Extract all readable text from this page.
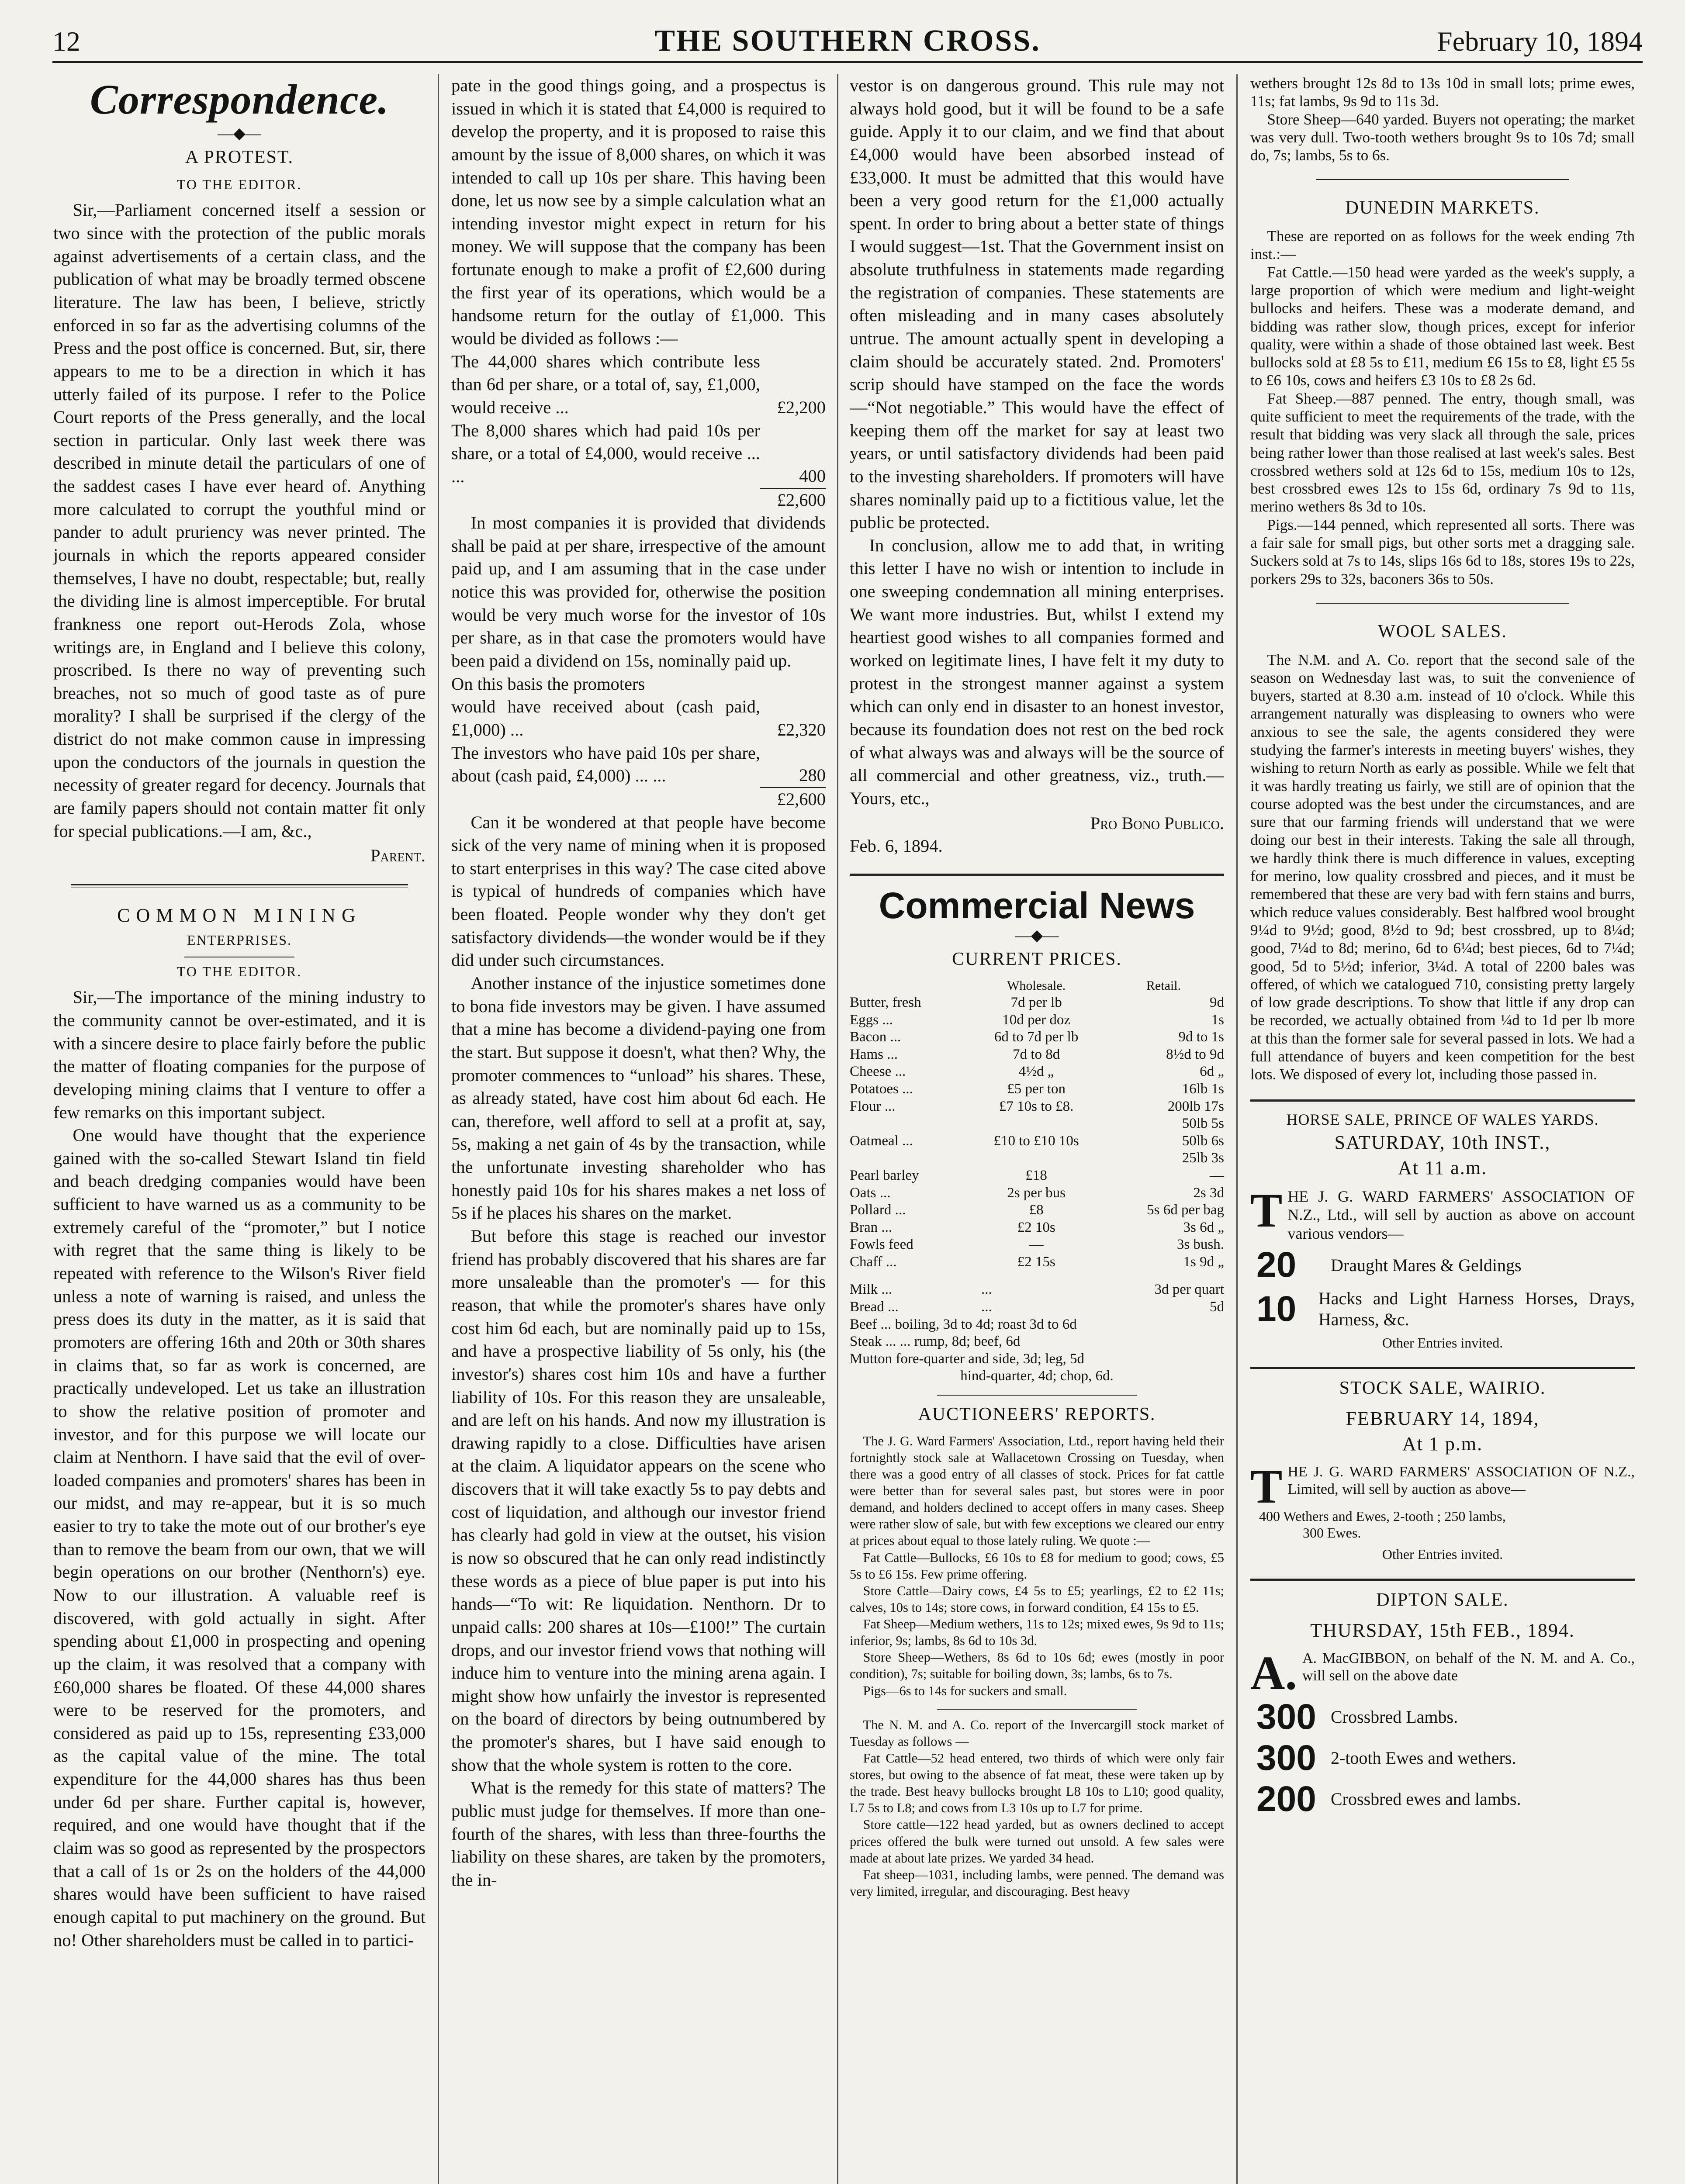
12	THE SOUTHERN CROSS.	February 10, 1894
Correspondence.
—◆—
A PROTEST.
TO THE EDITOR.

Sir,—Parliament concerned itself a session or two since with the protection of the public morals against advertisements of a certain class, and the publication of what may be broadly termed obscene literature. The law has been, I believe, strictly enforced in so far as the advertising columns of the Press and the post office is concerned. But, sir, there appears to me to be a direction in which it has utterly failed of its purpose. I refer to the Police Court reports of the Press generally, and the local section in particular. Only last week there was described in minute detail the particulars of one of the saddest cases I have ever heard of. Anything more calculated to corrupt the youthful mind or pander to adult pruriency was never printed. The journals in which the reports appeared consider themselves, I have no doubt, respectable; but, really the dividing line is almost imperceptible. For brutal frankness one report out-Herods Zola, whose writings are, in England and I believe this colony, proscribed. Is there no way of preventing such breaches, not so much of good taste as of pure morality? I shall be surprised if the clergy of the district do not make common cause in impressing upon the conductors of the journals in question the necessity of greater regard for decency. Journals that are family papers should not contain matter fit only for special publications.—I am, &c.,

Parent.

COMMON MINING
ENTERPRISES.
TO THE EDITOR.

Sir,—The importance of the mining industry to the community cannot be over-estimated, and it is with a sincere desire to place fairly before the public the matter of floating companies for the purpose of developing mining claims that I venture to offer a few remarks on this important subject.

One would have thought that the experience gained with the so-called Stewart Island tin field and beach dredging companies would have been sufficient to have warned us as a community to be extremely careful of the “promoter,” but I notice with regret that the same thing is likely to be repeated with reference to the Wilson's River field unless a note of warning is raised, and unless the press does its duty in the matter, as it is said that promoters are offering 16th and 20th or 30th shares in claims that, so far as work is concerned, are practically undeveloped. Let us take an illustration to show the relative position of promoter and investor, and for this purpose we will locate our claim at Nenthorn. I have said that the evil of over-loaded companies and promoters' shares has been in our midst, and may re-appear, but it is so much easier to try to take the mote out of our brother's eye than to remove the beam from our own, that we will begin operations on our brother (Nenthorn's) eye. Now to our illustration. A valuable reef is discovered, with gold actually in sight. After spending about £1,000 in prospecting and opening up the claim, it was resolved that a company with £60,000 shares be floated. Of these 44,000 shares were to be reserved for the promoters, and considered as paid up to 15s, representing £33,000 as the capital value of the mine. The total expenditure for the 44,000 shares has thus been under 6d per share. Further capital is, however, required, and one would have thought that if the claim was so good as represented by the prospectors that a call of 1s or 2s on the holders of the 44,000 shares would have been sufficient to have raised enough capital to put machinery on the ground. But no! Other shareholders must be called in to partici-

pate in the good things going, and a prospectus is issued in which it is stated that £4,000 is required to develop the property, and it is proposed to raise this amount by the issue of 8,000 shares, on which it was intended to call up 10s per share. This having been done, let us now see by a simple calculation what an intending investor might expect in return for his money. We will suppose that the company has been fortunate enough to make a profit of £2,600 during the first year of its operations, which would be a handsome return for the outlay of £1,000. This would be divided as follows :—

The 44,000 shares which contribute less than 6d per share, or a total of, say, £1,000, would receive ...	£2,200
The 8,000 shares which had paid 10s per share, or a total of £4,000, would receive ... ...	400
	£2,600

In most companies it is provided that dividends shall be paid at per share, irrespective of the amount paid up, and I am assuming that in the case under notice this was provided for, otherwise the position would be very much worse for the investor of 10s per share, as in that case the promoters would have been paid a dividend on 15s, nominally paid up.

On this basis the promoters

would have received about (cash paid, £1,000) ...	£2,320
The investors who have paid 10s per share, about (cash paid, £4,000) ... ...	280
	£2,600

Can it be wondered at that people have become sick of the very name of mining when it is proposed to start enterprises in this way? The case cited above is typical of hundreds of companies which have been floated. People wonder why they don't get satisfactory dividends—the wonder would be if they did under such circumstances.

Another instance of the injustice sometimes done to bona fide investors may be given. I have assumed that a mine has become a dividend-paying one from the start. But suppose it doesn't, what then? Why, the promoter commences to “unload” his shares. These, as already stated, have cost him about 6d each. He can, therefore, well afford to sell at a profit at, say, 5s, making a net gain of 4s by the transaction, while the unfortunate investing shareholder who has honestly paid 10s for his shares makes a net loss of 5s if he places his shares on the market.

But before this stage is reached our investor friend has probably discovered that his shares are far more unsaleable than the promoter's — for this reason, that while the promoter's shares have only cost him 6d each, but are nominally paid up to 15s, and have a prospective liability of 5s only, his (the investor's) shares cost him 10s and have a further liability of 10s. For this reason they are unsaleable, and are left on his hands. And now my illustration is drawing rapidly to a close. Difficulties have arisen at the claim. A liquidator appears on the scene who discovers that it will take exactly 5s to pay debts and cost of liquidation, and although our investor friend has clearly had gold in view at the outset, his vision is now so obscured that he can only read indistinctly these words as a piece of blue paper is put into his hands—“To wit: Re liquidation. Nenthorn. Dr to unpaid calls: 200 shares at 10s—£100!” The curtain drops, and our investor friend vows that nothing will induce him to venture into the mining arena again. I might show how unfairly the investor is represented on the board of directors by being outnumbered by the promoter's shares, but I have said enough to show that the whole system is rotten to the core.

What is the remedy for this state of matters? The public must judge for themselves. If more than one-fourth of the shares, with less than three-fourths the liability on these shares, are taken by the promoters, the in-

vestor is on dangerous ground. This rule may not always hold good, but it will be found to be a safe guide. Apply it to our claim, and we find that about £4,000 would have been absorbed instead of £33,000. It must be admitted that this would have been a very good return for the £1,000 actually spent. In order to bring about a better state of things I would suggest—1st. That the Government insist on absolute truthfulness in statements made regarding the registration of companies. These statements are often misleading and in many cases absolutely untrue. The amount actually spent in developing a claim should be accurately stated. 2nd. Promoters' scrip should have stamped on the face the words—“Not negotiable.” This would have the effect of keeping them off the market for say at least two years, or until satisfactory dividends had been paid to the investing shareholders. If promoters will have shares nominally paid up to a fictitious value, let the public be protected.

In conclusion, allow me to add that, in writing this letter I have no wish or intention to include in one sweeping condemnation all mining enterprises. We want more industries. But, whilst I extend my heartiest good wishes to all companies formed and worked on legitimate lines, I have felt it my duty to protest in the strongest manner against a system which can only end in disaster to an honest investor, because its foundation does not rest on the bed rock of what always was and always will be the source of all commercial and other greatness, viz., truth.—Yours, etc.,

Pro Bono Publico.

Feb. 6, 1894.

Commercial News
—◆—
CURRENT PRICES.
	Wholesale.	Retail.
Butter, fresh	7d per lb	9d
Eggs ...	10d per doz	1s
Bacon ...	6d to 7d per lb	9d to 1s
Hams ...	7d to 8d	8½d to 9d
Cheese ...	4½d „	6d „
Potatoes ...	£5 per ton	16lb 1s
Flour ...	£7 10s to £8.	200lb 17s
		50lb 5s
Oatmeal ...	£10 to £10 10s	50lb 6s
		25lb 3s
Pearl barley	£18	—
Oats ...	2s per bus	2s 3d
Pollard ...	£8	5s 6d per bag
Bran ...	£2 10s	3s 6d „
Fowls feed	—	3s bush.
Chaff ...	£2 15s	1s 9d „
Milk ...	...	3d per quart
Bread ...	...	5d
Beef ... boiling, 3d to 4d; roast 3d to 6d
Steak ... ... rump, 8d; beef, 6d
Mutton fore-quarter and side, 3d; leg, 5d
hind-quarter, 4d; chop, 6d.
AUCTIONEERS' REPORTS.

The J. G. Ward Farmers' Association, Ltd., report having held their fortnightly stock sale at Wallacetown Crossing on Tuesday, when there was a good entry of all classes of stock. Prices for fat cattle were better than for several sales past, but stores were in poor demand, and holders declined to accept offers in many cases. Sheep were rather slow of sale, but with few exceptions we cleared our entry at prices about equal to those lately ruling. We quote :—

Fat Cattle—Bullocks, £6 10s to £8 for medium to good; cows, £5 5s to £6 15s. Few prime offering.

Store Cattle—Dairy cows, £4 5s to £5; yearlings, £2 to £2 11s; calves, 10s to 14s; store cows, in forward condition, £4 15s to £5.

Fat Sheep—Medium wethers, 11s to 12s; mixed ewes, 9s 9d to 11s; inferior, 9s; lambs, 8s 6d to 10s 3d.

Store Sheep—Wethers, 8s 6d to 10s 6d; ewes (mostly in poor condition), 7s; suitable for boiling down, 3s; lambs, 6s to 7s.

Pigs—6s to 14s for suckers and small.

The N. M. and A. Co. report of the Invercargill stock market of Tuesday as follows —

Fat Cattle—52 head entered, two thirds of which were only fair stores, but owing to the absence of fat meat, these were taken up by the trade. Best heavy bullocks brought L8 10s to L10; good quality, L7 5s to L8; and cows from L3 10s up to L7 for prime.

Store cattle—122 head yarded, but as owners declined to accept prices offered the bulk were turned out unsold. A few sales were made at about late prizes. We yarded 34 head.

Fat sheep—1031, including lambs, were penned. The demand was very limited, irregular, and discouraging. Best heavy

wethers brought 12s 8d to 13s 10d in small lots; prime ewes, 11s; fat lambs, 9s 9d to 11s 3d.

Store Sheep—640 yarded. Buyers not operating; the market was very dull. Two-tooth wethers brought 9s to 10s 7d; small do, 7s; lambs, 5s to 6s.

DUNEDIN MARKETS.

These are reported on as follows for the week ending 7th inst.:—

Fat Cattle.—150 head were yarded as the week's supply, a large proportion of which were medium and light-weight bullocks and heifers. These was a moderate demand, and bidding was rather slow, though prices, except for inferior quality, were within a shade of those obtained last week. Best bullocks sold at £8 5s to £11, medium £6 15s to £8, light £5 5s to £6 10s, cows and heifers £3 10s to £8 2s 6d.

Fat Sheep.—887 penned. The entry, though small, was quite sufficient to meet the requirements of the trade, with the result that bidding was very slack all through the sale, prices being rather lower than those realised at last week's sales. Best crossbred wethers sold at 12s 6d to 15s, medium 10s to 12s, best crossbred ewes 12s to 15s 6d, ordinary 7s 9d to 11s, merino wethers 8s 3d to 10s.

Pigs.—144 penned, which represented all sorts. There was a fair sale for small pigs, but other sorts met a dragging sale. Suckers sold at 7s to 14s, slips 16s 6d to 18s, stores 19s to 22s, porkers 29s to 32s, baconers 36s to 50s.

WOOL SALES.

The N.M. and A. Co. report that the second sale of the season on Wednesday last was, to suit the convenience of buyers, started at 8.30 a.m. instead of 10 o'clock. While this arrangement naturally was displeasing to owners who were anxious to see the sale, the agents considered they were studying the farmer's interests in meeting buyers' wishes, they wishing to return North as early as possible. While we felt that it was hardly treating us fairly, we still are of opinion that the course adopted was the best under the circumstances, and are sure that our farming friends will understand that we were doing our best in their interests. Taking the sale all through, we hardly think there is much difference in values, excepting for merino, low quality crossbred and pieces, and it must be remembered that these are very bad with fern stains and burrs, which reduce values considerably. Best halfbred wool brought 9¼d to 9½d; good, 8½d to 9d; best crossbred, up to 8¼d; good, 7¼d to 8d; merino, 6d to 6¼d; best pieces, 6d to 7¼d; good, 5d to 5½d; inferior, 3¼d. A total of 2200 bales was offered, of which we catalogued 710, consisting pretty largely of low grade descriptions. To show that little if any drop can be recorded, we actually obtained from ¼d to 1d per lb more at this than the former sale for several passed in lots. We had a full attendance of buyers and keen competition for the best lots. We disposed of every lot, including those passed in.

HORSE SALE, PRINCE OF WALES YARDS.
SATURDAY, 10th INST.,
At 11 a.m.
T HE J. G. WARD FARMERS' ASSOCIATION OF N.Z., Ltd., will sell by auction as above on account various vendors—
20	Draught Mares & Geldings
10	Hacks and Light Harness Horses, Drays, Harness, &c.
Other Entries invited.
STOCK SALE, WAIRIO.
FEBRUARY 14, 1894,
At 1 p.m.
T HE J. G. WARD FARMERS' ASSOCIATION OF N.Z., Limited, will sell by auction as above—
400 Wethers and Ewes, 2-tooth ; 250 lambs,
300 Ewes.
Other Entries invited.
DIPTON SALE.
THURSDAY, 15th FEB., 1894.
A. A. MacGIBBON, on behalf of the N. M. and A. Co., will sell on the above date
300 Crossbred Lambs.
300 2-tooth Ewes and wethers.
200 Crossbred ewes and lambs.
